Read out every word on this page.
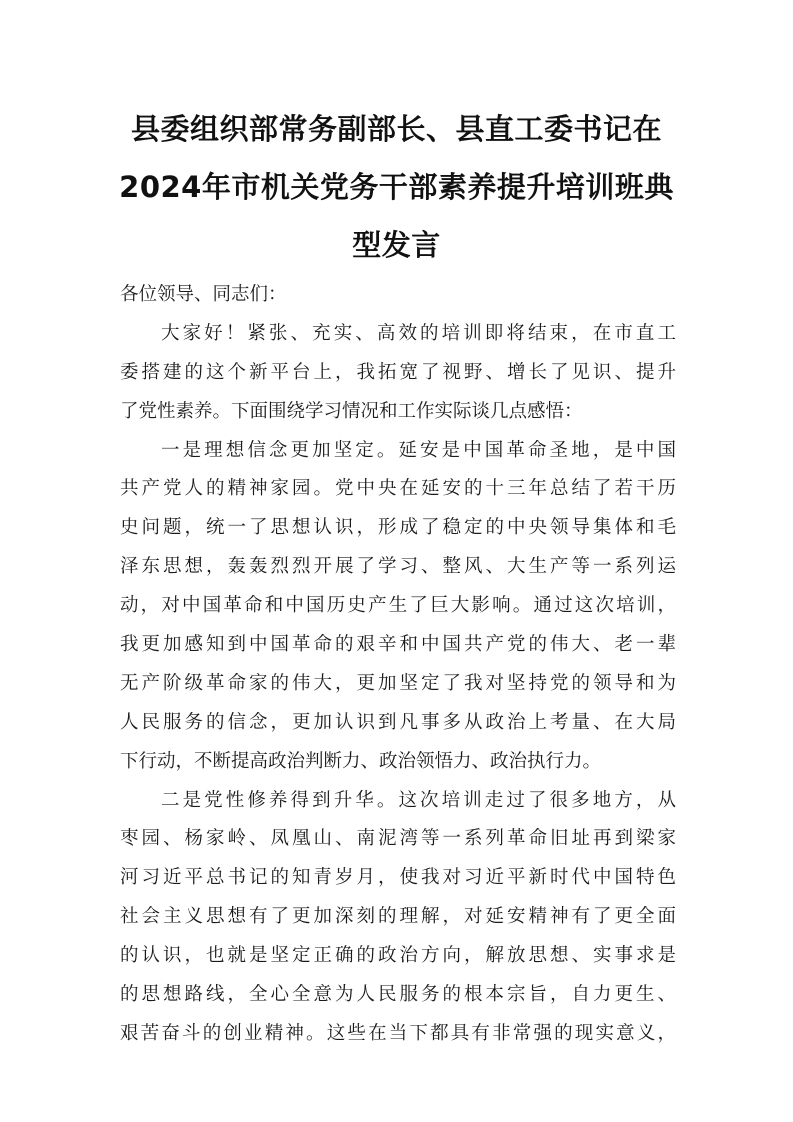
县委组织部常务副部长、县直工委书记在
2024年市机关党务干部素养提升培训班典
型发言
各位领导、同志们：
大家好！紧张、充实、高效的培训即将结束，在市直工
委搭建的这个新平台上，我拓宽了视野、增长了见识、提升
了党性素养。下面围绕学习情况和工作实际谈几点感悟：
一是理想信念更加坚定。延安是中国革命圣地，是中国
共产党人的精神家园。党中央在延安的十三年总结了若干历
史问题，统一了思想认识，形成了稳定的中央领导集体和毛
泽东思想，轰轰烈烈开展了学习、整风、大生产等一系列运
动，对中国革命和中国历史产生了巨大影响。通过这次培训，
我更加感知到中国革命的艰辛和中国共产党的伟大、老一辈
无产阶级革命家的伟大，更加坚定了我对坚持党的领导和为
人民服务的信念，更加认识到凡事多从政治上考量、在大局
下行动，不断提高政治判断力、政治领悟力、政治执行力。
二是党性修养得到升华。这次培训走过了很多地方，从
枣园、杨家岭、凤凰山、南泥湾等一系列革命旧址再到梁家
河习近平总书记的知青岁月，使我对习近平新时代中国特色
社会主义思想有了更加深刻的理解，对延安精神有了更全面
的认识，也就是坚定正确的政治方向，解放思想、实事求是
的思想路线，全心全意为人民服务的根本宗旨，自力更生、
艰苦奋斗的创业精神。这些在当下都具有非常强的现实意义，
